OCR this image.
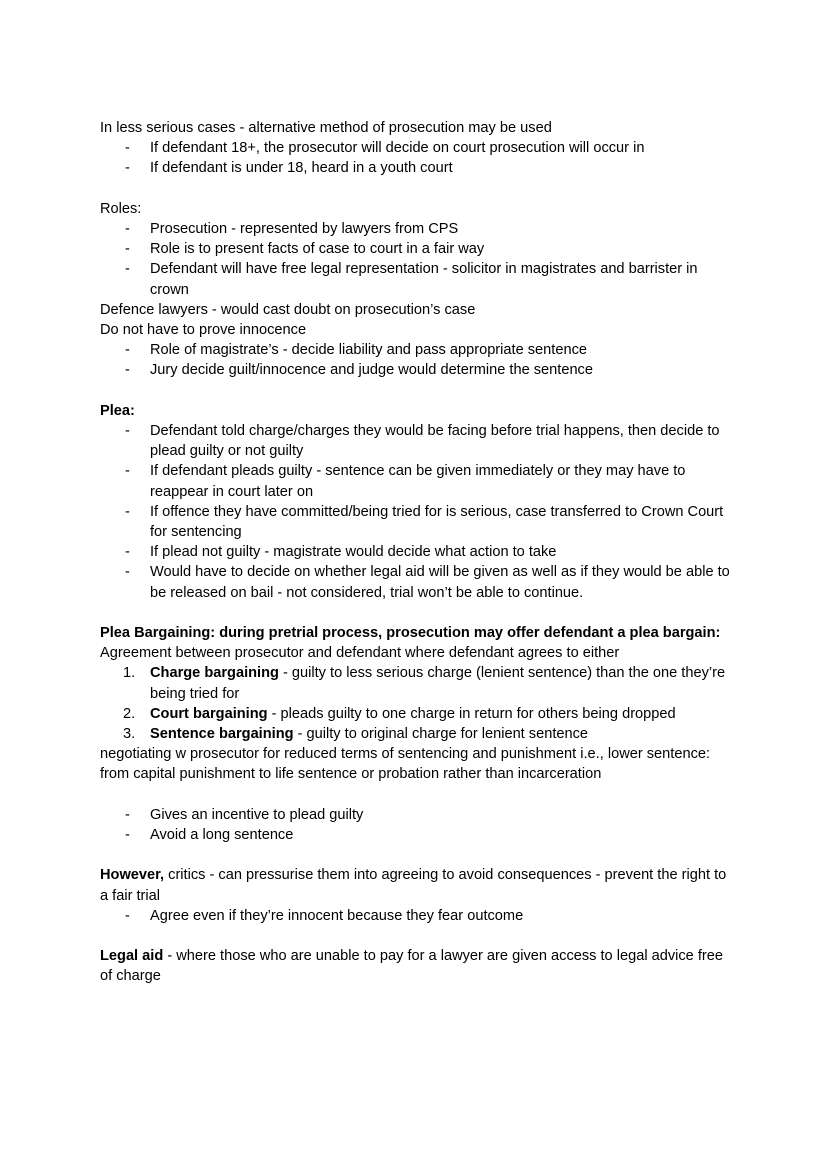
In less serious cases - alternative method of prosecution may be used

- If defendant 18+, the prosecutor will decide on court prosecution will occur in
- If defendant is under 18, heard in a youth court

Roles:

- Prosecution - represented by lawyers from CPS
- Role is to present facts of case to court in a fair way
- Defendant will have free legal representation - solicitor in magistrates and barrister in crown

Defence lawyers - would cast doubt on prosecution’s case

Do not have to prove innocence

- Role of magistrate’s - decide liability and pass appropriate sentence
- Jury decide guilt/innocence and judge would determine the sentence

Plea:

- Defendant told charge/charges they would be facing before trial happens, then decide to plead guilty or not guilty
- If defendant pleads guilty - sentence can be given immediately or they may have to reappear in court later on
- If offence they have committed/being tried for is serious, case transferred to Crown Court for sentencing
- If plead not guilty - magistrate would decide what action to take
- Would have to decide on whether legal aid will be given as well as if they would be able to be released on bail - not considered, trial won’t be able to continue.

Plea Bargaining: during pretrial process, prosecution may offer defendant a plea bargain:

Agreement between prosecutor and defendant where defendant agrees to either

1. Charge bargaining - guilty to less serious charge (lenient sentence) than the one they’re being tried for
2. Court bargaining - pleads guilty to one charge in return for others being dropped
3. Sentence bargaining - guilty to original charge for lenient sentence

negotiating w prosecutor for reduced terms of sentencing and punishment i.e., lower sentence:

from capital punishment to life sentence or probation rather than incarceration

- Gives an incentive to plead guilty
- Avoid a long sentence

However, critics - can pressurise them into agreeing to avoid consequences - prevent the right to a fair trial

- Agree even if they’re innocent because they fear outcome

Legal aid - where those who are unable to pay for a lawyer are given access to legal advice free of charge
